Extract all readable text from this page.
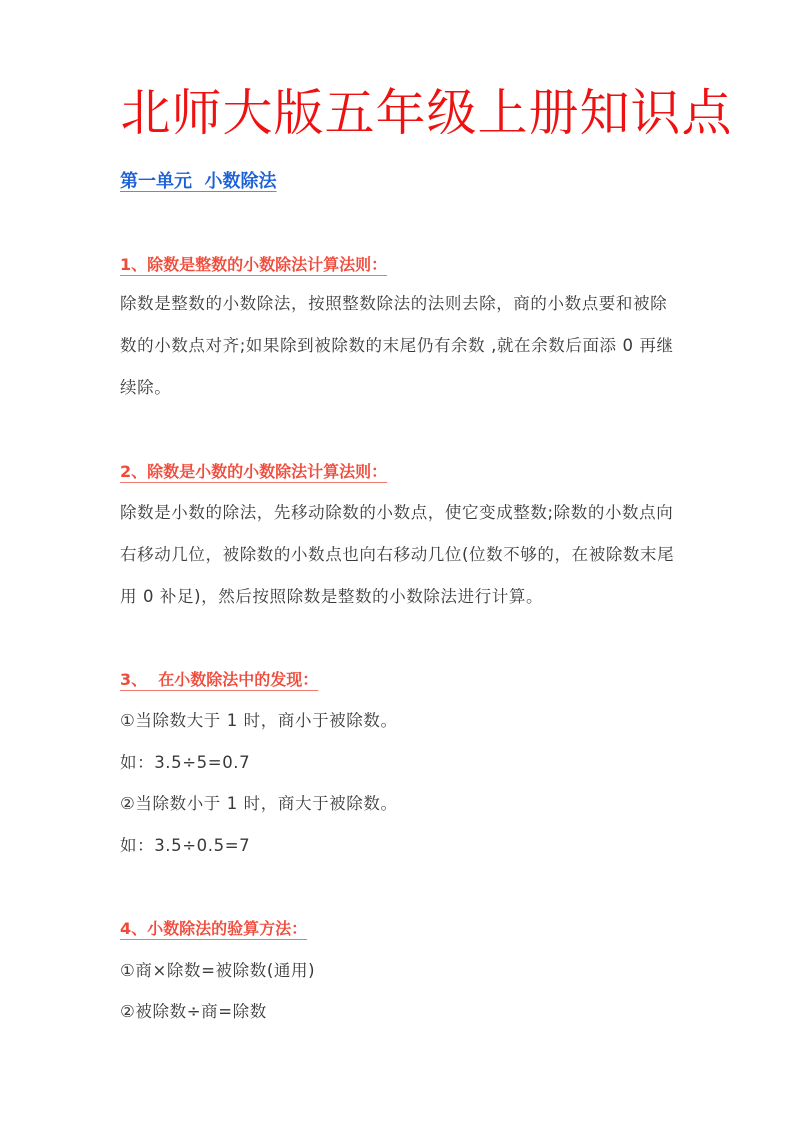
北师大版五年级上册知识点
第一单元  小数除法
1、除数是整数的小数除法计算法则：
除数是整数的小数除法，按照整数除法的法则去除，商的小数点要和被除
数的小数点对齐;如果除到被除数的末尾仍有余数 ,就在余数后面添 0 再继
续除。
2、除数是小数的小数除法计算法则：
除数是小数的除法，先移动除数的小数点，使它变成整数;除数的小数点向
右移动几位，被除数的小数点也向右移动几位(位数不够的，在被除数末尾
用 0 补足)，然后按照除数是整数的小数除法进行计算。
3、  在小数除法中的发现：
①当除数大于 1 时，商小于被除数。
如：3.5÷5=0.7
②当除数小于 1 时，商大于被除数。
如：3.5÷0.5=7
4、小数除法的验算方法：
①商×除数=被除数(通用)
②被除数÷商=除数
